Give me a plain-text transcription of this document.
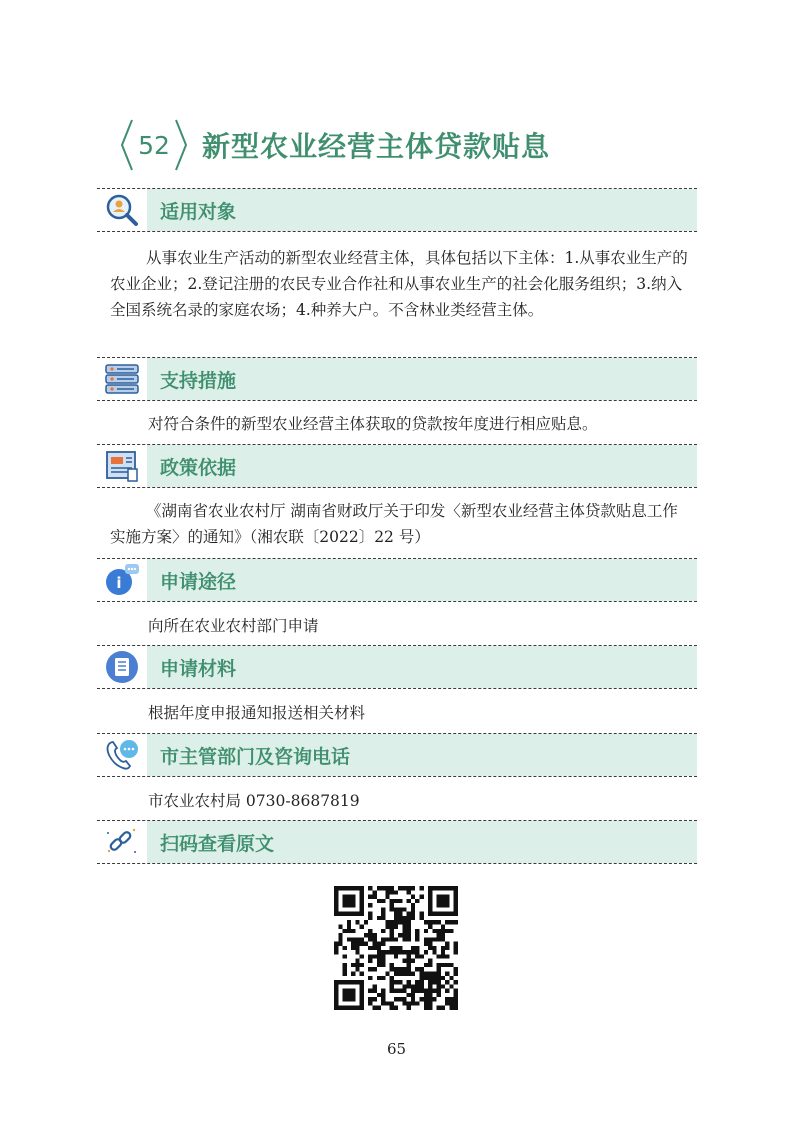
52	新型农业经营主体贷款贴息
适用对象
从事农业生产活动的新型农业经营主体，具体包括以下主体：1.从事农业生产的农业企业；2.登记注册的农民专业合作社和从事农业生产的社会化服务组织；3.纳入全国系统名录的家庭农场；4.种养大户。不含林业类经营主体。
支持措施
对符合条件的新型农业经营主体获取的贷款按年度进行相应贴息。
政策依据
《湖南省农业农村厅 湖南省财政厅关于印发〈新型农业经营主体贷款贴息工作实施方案〉的通知》（湘农联〔2022〕22 号）
i	申请途径
向所在农业农村部门申请
申请材料
根据年度申报通知报送相关材料
市主管部门及咨询电话
市农业农村局 0730-8687819
扫码查看原文
65
